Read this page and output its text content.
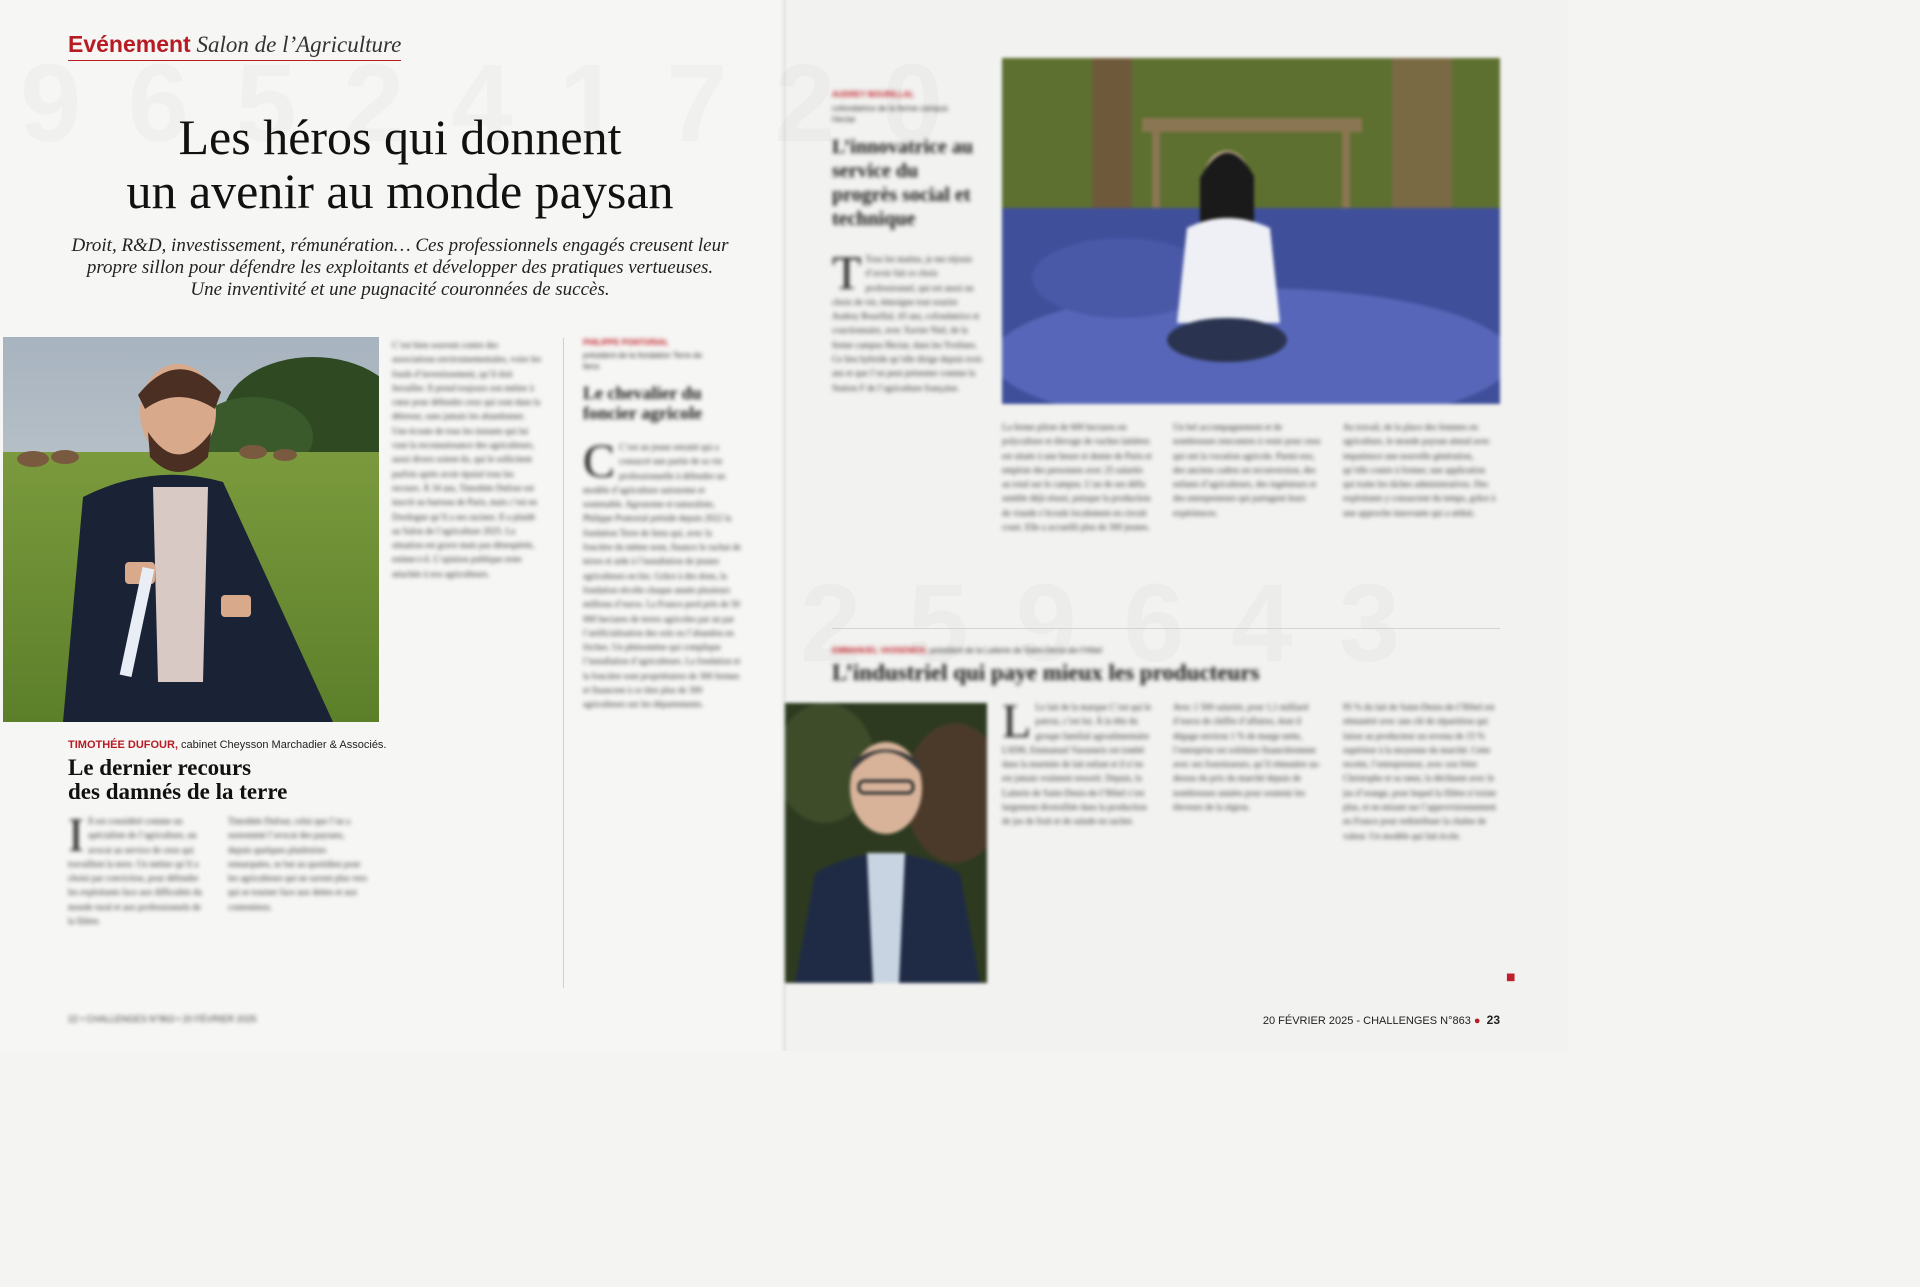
Evénement Salon de l’Agriculture
Les héros qui donnent
un avenir au monde paysan

Droit, R&D, investissement, rémunération… Ces professionnels engagés creusent leur propre sillon pour défendre les exploitants et développer des pratiques vertueuses. Une inventivité et une pugnacité couronnées de succès.

TIMOTHÉE DUFOUR, cabinet Cheysson Marchadier & Associés.
Le dernier recours
des damnés de la terre
I Il est considéré comme un spécialiste de l’agriculture, un avocat au service de ceux qui travaillent la terre. Un métier qu’il a choisi par conviction, pour défendre les exploitants face aux difficultés du monde rural et aux professionnels de la filière.
Timothée Dufour, celui que l’on a surnommé l’avocat des paysans, depuis quelques plaidoiries remarquées, se bat au quotidien pour les agriculteurs qui ne savent plus vers qui se tourner face aux dettes et aux contentieux.
C’est bien souvent contre des associations environnementales, voire les fonds d’investissement, qu’il doit ferrailler. Il prend toujours son métier à cœur pour défendre ceux qui sont dans la détresse, sans jamais les abandonner. Une écoute de tous les instants qui lui vaut la reconnaissance des agriculteurs, aussi divers soient-ils, qui le sollicitent parfois après avoir épuisé tous les recours. À 34 ans, Timothée Dufour est inscrit au barreau de Paris, mais c’est en Dordogne qu’il a ses racines. Il a plaidé au Salon de l’agriculture 2025. La situation est grave mais pas désespérée, estime-t-il. L’opinion publique reste attachée à nos agriculteurs.
PHILIPPE PONTORIAL
président de la fondation Terre de liens
Le chevalier du foncier agricole
C C’est un jeune retraité qui a consacré une partie de sa vie professionnelle à défendre un modèle d’agriculture autonome et soutenable. Agronome et naturaliste, Philippe Pontorial préside depuis 2022 la fondation Terre de liens qui, avec la foncière du même nom, finance le rachat de terres et aide à l’installation de jeunes agriculteurs en bio. Grâce à des dons, la fondation récolte chaque année plusieurs millions d’euros. La France perd près de 50 000 hectares de terres agricoles par an par l’artificialisation des sols ou l’abandon en friches. Un phénomène qui complique l’installation d’agriculteurs. La fondation et la foncière sont propriétaires de 300 fermes et financent à ce titre plus de 300 agriculteurs sur les départements.
22 • CHALLENGES N°863 • 20 FÉVRIER 2025
AUDREY BOURILLAL
cofondatrice de la ferme campus Hectar
L’innovatrice au service du progrès social et technique
T Tous les matins, je me réjouis d’avoir fait ce choix professionnel, qui est aussi un choix de vie, témoigne tout sourire Audrey Bourillal, 43 ans, cofondatrice et coactionnaire, avec Xavier Niel, de la ferme campus Hectar, dans les Yvelines. Ce lieu hybride qu’elle dirige depuis trois ans et que l’on peut présenter comme la Station F de l’agriculture française.
La ferme pilote de 600 hectares en polyculture et élevage de vaches laitières est située à une heure et demie de Paris et emploie des personnes avec 25 salariés au total sur le campus. L’un de ses défis semble déjà réussi, puisque la production de viande s’écoule localement en circuit court. Elle a accueilli plus de 300 jeunes.
Un bel accompagnement et de nombreuses rencontres à venir pour ceux qui ont la vocation agricole. Parmi eux, des anciens cadres en reconversion, des enfants d’agriculteurs, des ingénieurs et des entrepreneurs qui partagent leurs expériences.
Au travail, de la place des femmes en agriculture, le monde paysan attend avec impatience une nouvelle génération, qu’elle contre à former, une application qui traite les tâches administratives. Des exploitants y consacrent du temps, grâce à une approche innovante qui a séduit.
EMMANUEL VASSENEIX, président de la Laiterie de Saint-Denis-de-l’Hôtel
L’industriel qui paye mieux les producteurs
L Le lait de la marque C’est qui le patron, c’est lui. À la tête du groupe familial agroalimentaire LSDH, Emmanuel Vasseneix est tombé dans la marmite de lait enfant et il n’en est jamais vraiment ressorti. Depuis, la Laiterie de Saint-Denis-de-l’Hôtel s’est largement diversifiée dans la production de jus de fruit et de salade en sachet.
Avec 1 500 salariés, pour 1,1 milliard d’euros de chiffre d’affaires, dont il dégage environ 1 % de marge nette, l’entreprise est solidaire financièrement avec ses fournisseurs, qu’il rémunère au-dessus du prix du marché depuis de nombreuses années pour soutenir les éleveurs de la région.
95 % du lait de Saint-Denis-de-l’Hôtel est rémunéré avec une clé de répartition qui laisse au producteur un revenu de 15 % supérieur à la moyenne du marché. Cette recette, l’entrepreneur, avec son frère Christophe et sa sœur, la déclinent avec le jus d’orange, pour lequel la filière n’existe plus, et en misant sur l’approvisionnement en France pour redistribuer la chaîne de valeur. Un modèle qui fait école.
■
20 FÉVRIER 2025 - CHALLENGES N°863 ● 23
